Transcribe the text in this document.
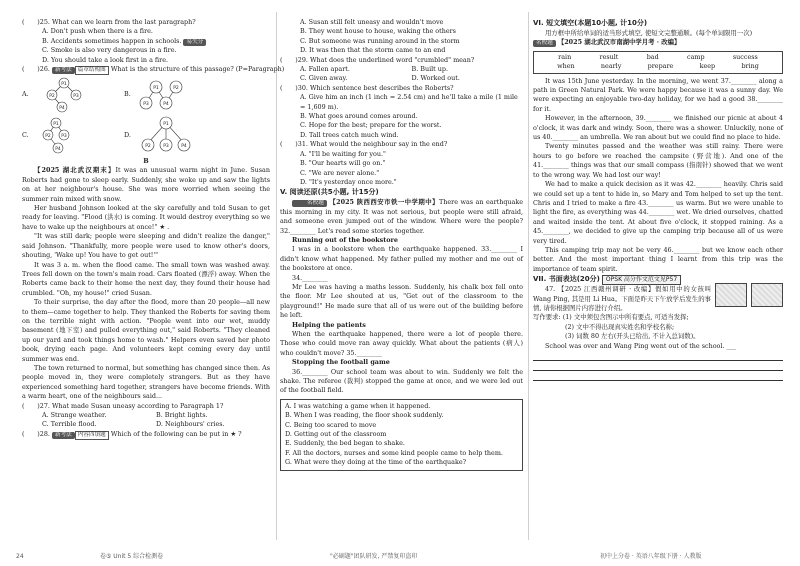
(　　)25. What can we learn from the last paragraph?

A. Don't push when there is a fire.

B. Accidents sometimes happen in schools. 易失分

C. Smoke is also very dangerous in a fire.

D. You should take a look first in a fire.

(　　)26. 新考法 篇章结构图 What is the structure of this passage? (P=Paragraph)

A.
P1
P2	P3
P4
B.
P1	P2
P3	P4
C.
P1
P2 P3
P4
D.
P1
P2	P3	P4

B

【2025 湖北武汉期末】It was an unusual warm night in June. Susan Roberts had gone to sleep early. Suddenly, she woke up and saw the lights on at her neighbour's house. She was more worried when seeing the summer rain mixed with snow.

Her husband Johnson looked at the sky carefully and told Susan to get ready for leaving. "Flood (洪水) is coming. It would destroy everything so we have to wake up the neighbours at once!" ★ .

"It was still dark; people were sleeping and didn't realize the danger," said Johnson. "Thankfully, more people were used to know other's doors, shouting, 'Wake up! You have to get out!'"

It was 3 a. m. when the flood came. The small town was washed away. Trees fell down on the town's main road. Cars floated (漂浮) away. When the Roberts came back to their home the next day, they found their house had crumbled. "Oh, my house!" cried Susan.

To their surprise, the day after the flood, more than 20 people—all new to them—came together to help. They thanked the Roberts for saving them on the terrible night with action. "People went into our wet, muddy basement (地下室) and pulled everything out," said Roberts. "They cleaned up our yard and took things home to wash." Helpers even saved her photo book, drying each page. And volunteers kept coming every day until summer was end.

The town returned to normal, but something has changed since then. As people moved in, they were completely strangers. But as they have experienced something hard together, strangers have become friends. With a warm heart, one of the neighbours said...

(　　)27. What made Susan uneasy according to Paragraph 1?

A. Strange weather.	B. Bright lights.
C. Terrible flood.	D. Neighbours' cries.

(　　)28. 新考法 内容四填题 Which of the following can be put in ★ ?

A. Susan still felt uneasy and wouldn't move

B. They went house to house, waking the others

C. But someone was running around in the storm

D. It was then that the storm came to an end

(　　)29. What does the underlined word "crumbled" mean?

A. Fallen apart.	B. Built up.
C. Given away.	D. Worked out.

(　　)30. Which sentence best describes the Roberts?

A. Give him an inch (1 inch = 2.54 cm) and he'll take a mile (1 mile = 1,609 m).

B. What goes around comes around.

C. Hope for the best; prepare for the worst.

D. Tall trees catch much wind.

(　　)31. What would the neighbour say in the end?

A. "I'll be waiting for you."

B. "Our hearts will go on."

C. "We are never alone."

D. "It's yesterday once more."

V. 阅读还原(共5小题, 计15分)

名校题 【2025 陕西西安市铁一中学期中】There was an earthquake this morning in my city. It was not serious, but people were still afraid, and someone even jumped out of the window. Where were the people? 32.________ Let's read some stories together.

Running out of the bookstore

I was in a bookstore when the earthquake happened. 33.________ I didn't know what happened. My father pulled my mother and me out of the bookstore at once.

34.________

Mr Lee was having a maths lesson. Suddenly, his chalk box fell onto the floor. Mr Lee shouted at us, "Get out of the classroom to the playground!" He made sure that all of us were out of the building before he left.

Helping the patients

When the earthquake happened, there were a lot of people there. Those who could move ran away quickly. What about the patients (病人) who couldn't move? 35.________

Stopping the football game

36.________ Our school team was about to win. Suddenly we felt the shake. The referee (裁判) stopped the game at once, and we were led out of the football field.

A. I was watching a game when it happened.

B. When I was reading, the floor shook suddenly.

C. Being too scared to move

D. Getting out of the classroom

E. Suddenly, the bed began to shake.

F. All the doctors, nurses and some kind people came to help them.

G. What were they doing at the time of the earthquake?

VI. 短文填空(本题10小题, 计10分)

用方框中所给单词的适当形式填空, 使短文完整通顺。(每个单词限用一次)

名校题 【2025 湖北武汉市南湖中学月考 · 改编】

rain	result	bad	camp	success
when	nearly	prepare	keep	bring

It was 15th June yesterday. In the morning, we went 37.________ along a path in Green Natural Park. We were happy because it was a sunny day. We were expecting an enjoyable two-day holiday, for we had a good 38.________ for it.

However, in the afternoon, 39.________ we finished our picnic at about 4 o'clock, it was dark and windy. Soon, there was a shower. Unluckily, none of us 40.________ an umbrella. We ran about but we could find no place to hide.

Twenty minutes passed and the weather was still rainy. There were hours to go before we reached the campsite (野营地). And one of the 41.________ things was that our small compass (指南针) showed that we went to the wrong way. We had lost our way!

We had to make a quick decision as it was 42.________ heavily. Chris said we could set up a tent to hide in, so Mary and Tom helped to set up the tent. Chris and I tried to make a fire 43.________ us warm. But we were unable to light the fire, as everything was 44.________ wet. We dried ourselves, chatted and waited inside the tent. At about five o'clock, it stopped raining. As a 45.________, we decided to give up the camping trip because all of us were very tired.

This camping trip may not be very 46.________ but we know each other better. And the most important thing I learnt from this trip was the importance of team spirit.

VII. 书面表达(20分) OPSK 高分作文范文见P57

47. 【2025 江西赣州调研 · 改编】假如用中的女孩叫 Wang Ping, 其是用 Li Hua。下面是昨天下午放学后发生的事情, 请你根据图片内容进行介绍。

写作要求: (1) 文中须包含图示中所有要点, 可适当发挥;

(2) 文中不得出现真实姓名和学校名称;

(3) 词数 80 左右(开头已给出, 不计入总词数)。

School was over and Wang Ping went out of the school. ___

24	卷⑤ Unit 5 综合检测卷	"必刷题"团队研发, 严禁复印盗印	初中上分卷 · 英语八年级下册 · 人教版
